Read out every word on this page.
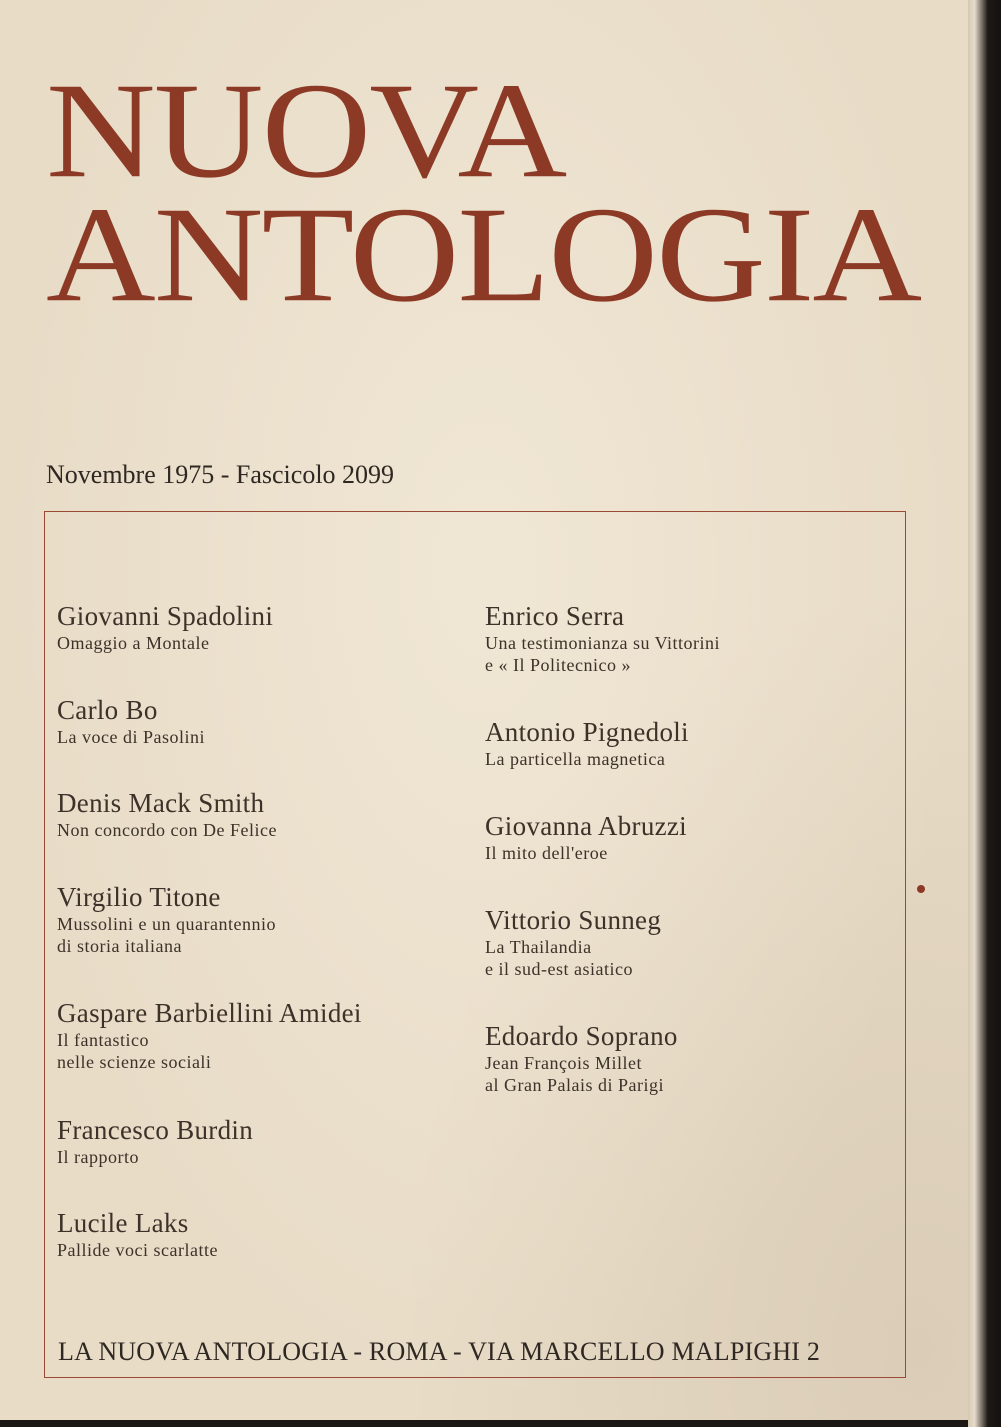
NUOVA
ANTOLOGIA
Novembre 1975 - Fascicolo 2099
Giovanni Spadolini
Omaggio a Montale
Carlo Bo
La voce di Pasolini
Denis Mack Smith
Non concordo con De Felice
Virgilio Titone
Mussolini e un quarantennio
di storia italiana
Gaspare Barbiellini Amidei
Il fantastico
nelle scienze sociali
Francesco Burdin
Il rapporto
Lucile Laks
Pallide voci scarlatte
Enrico Serra
Una testimonianza su Vittorini
e « Il Politecnico »
Antonio Pignedoli
La particella magnetica
Giovanna Abruzzi
Il mito dell'eroe
Vittorio Sunneg
La Thailandia
e il sud-est asiatico
Edoardo Soprano
Jean François Millet
al Gran Palais di Parigi
LA NUOVA ANTOLOGIA - ROMA - VIA MARCELLO MALPIGHI 2
